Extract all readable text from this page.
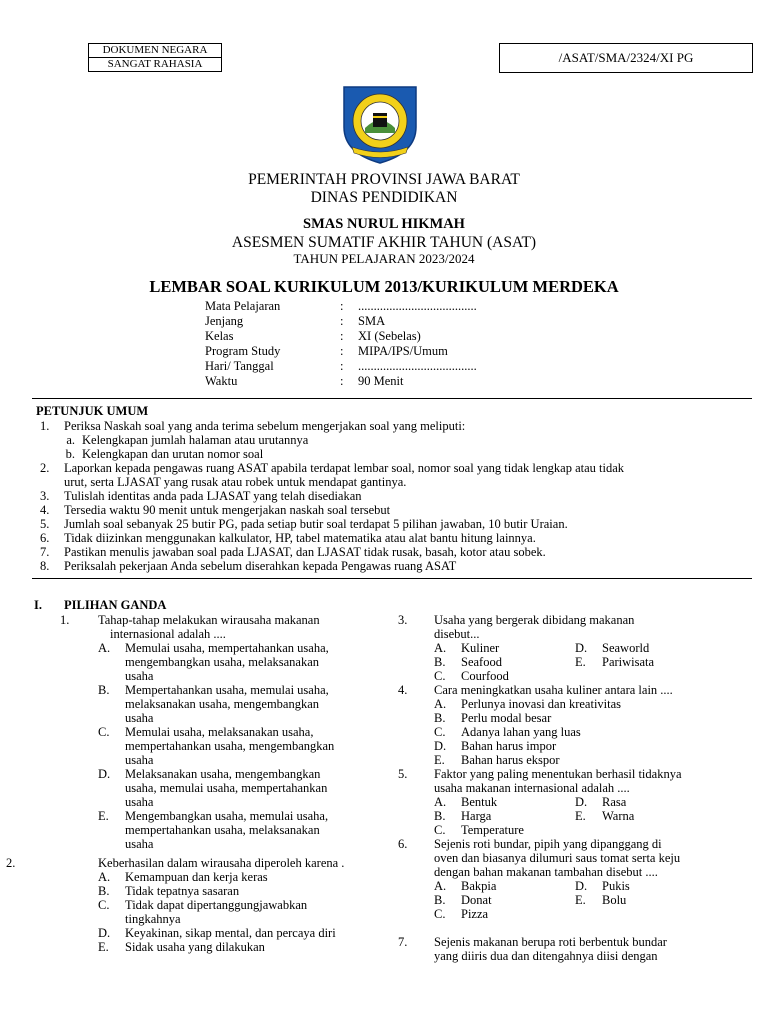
DOKUMEN NEGARA
SANGAT RAHASIA	/ASAT/SMA/2324/XI PG
PEMERINTAH PROVINSI JAWA BARAT
DINAS PENDIDIKAN
SMAS NURUL HIKMAH
ASESMEN SUMATIF AKHIR TAHUN (ASAT)
TAHUN PELAJARAN 2023/2024
LEMBAR SOAL KURIKULUM 2013/KURIKULUM MERDEKA
Mata Pelajaran	:	......................................
Jenjang	:	SMA
Kelas	:	XI (Sebelas)
Program Study	:	MIPA/IPS/Umum
Hari/ Tanggal	:	......................................
Waktu	:	90 Menit
PETUNJUK UMUM
1.	Periksa Naskah soal yang anda terima sebelum mengerjakan soal yang meliputi:
a. Kelengkapan jumlah halaman atau urutannya
b. Kelengkapan dan urutan nomor soal
2.	Laporkan kepada pengawas ruang ASAT apabila terdapat lembar soal, nomor soal yang tidak lengkap atau tidak
urut, serta LJASAT yang rusak atau robek untuk mendapat gantinya.
3.	Tulislah identitas anda pada LJASAT yang telah disediakan
4.	Tersedia waktu 90 menit untuk mengerjakan naskah soal tersebut
5.	Jumlah soal sebanyak 25 butir PG, pada setiap butir soal terdapat 5 pilihan jawaban, 10 butir Uraian.
6.	Tidak diizinkan menggunakan kalkulator, HP, tabel matematika atau alat bantu hitung lainnya.
7.	Pastikan menulis jawaban soal pada LJASAT, dan LJASAT tidak rusak, basah, kotor atau sobek.
8.	Periksalah pekerjaan Anda sebelum diserahkan kepada Pengawas ruang ASAT
I. PILIHAN GANDA
1.	Tahap-tahap melakukan wirausaha makanan
internasional adalah ....
A.	Memulai usaha, mempertahankan usaha,
mengembangkan usaha, melaksanakan
usaha
B.	Mempertahankan usaha, memulai usaha,
melaksanakan usaha, mengembangkan
usaha
C.	Memulai usaha, melaksanakan usaha,
mempertahankan usaha, mengembangkan
usaha
D.	Melaksanakan usaha, mengembangkan
usaha, memulai usaha, mempertahankan
usaha
E.	Mengembangkan usaha, memulai usaha,
mempertahankan usaha, melaksanakan
usaha
2.	Keberhasilan dalam wirausaha diperoleh karena .
A.	Kemampuan dan kerja keras
B.	Tidak tepatnya sasaran
C.	Tidak dapat dipertanggungjawabkan
tingkahnya
D.	Keyakinan, sikap mental, dan percaya diri
E.	Sidak usaha yang dilakukan
3.	Usaha yang bergerak dibidang makanan
disebut...
A.	Kuliner	D.	Seaworld
B.	Seafood	E.	Pariwisata
C.	Courfood
4.	Cara meningkatkan usaha kuliner antara lain ....
A.	Perlunya inovasi dan kreativitas
B.	Perlu modal besar
C.	Adanya lahan yang luas
D.	Bahan harus impor
E.	Bahan harus ekspor
5.	Faktor yang paling menentukan berhasil tidaknya
usaha makanan internasional adalah ....
A.	Bentuk	D.	Rasa
B.	Harga	E.	Warna
C.	Temperature
6.	Sejenis roti bundar, pipih yang dipanggang di
oven dan biasanya dilumuri saus tomat serta keju
dengan bahan makanan tambahan disebut ....
A.	Bakpia	D.	Pukis
B.	Donat	E.	Bolu
C.	Pizza
7.	Sejenis makanan berupa roti berbentuk bundar
yang diiris dua dan ditengahnya diisi dengan
